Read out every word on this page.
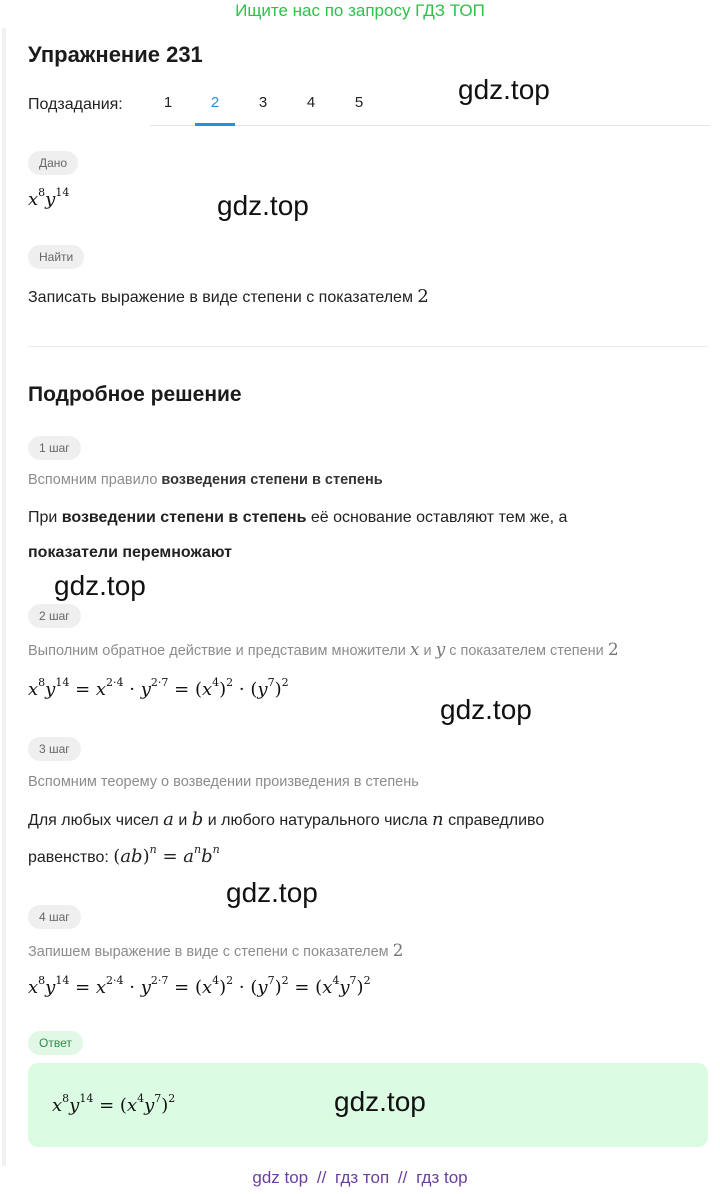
Ищите нас по запросу ГДЗ ТОП
Упражнение 231
Подзадания:	1	2	3	4	5
Дано
$x^8y^{14}$
Найти
Записать выражение в виде степени с показателем 2
Подробное решение
1 шаг
Вспомним правило возведения степени в степень
При возведении степени в степень её основание оставляют тем же, а
показатели перемножают
2 шаг
Выполним обратное действие и представим множители x и y с показателем степени 2
$x^8y^{14} = x^{2\cdot 4} \cdot y^{2\cdot 7} = (x^4)^2 \cdot (y^7)^2$
3 шаг
Вспомним теорему о возведении произведения в степень
Для любых чисел a и b и любого натурального числа n справедливо
равенство: $(ab)^n = a^nb^n$
4 шаг
Запишем выражение в виде с степени с показателем 2
$x^8y^{14} = x^{2\cdot 4} \cdot y^{2\cdot 7} = (x^4)^2 \cdot (y^7)^2 = (x^4y^7)^2$
Ответ
$x^8y^{14} = (x^4y^7)^2$
gdz.top
gdz.top
gdz.top
gdz.top
gdz.top
gdz.top
gdz top // гдз топ // гдз top
